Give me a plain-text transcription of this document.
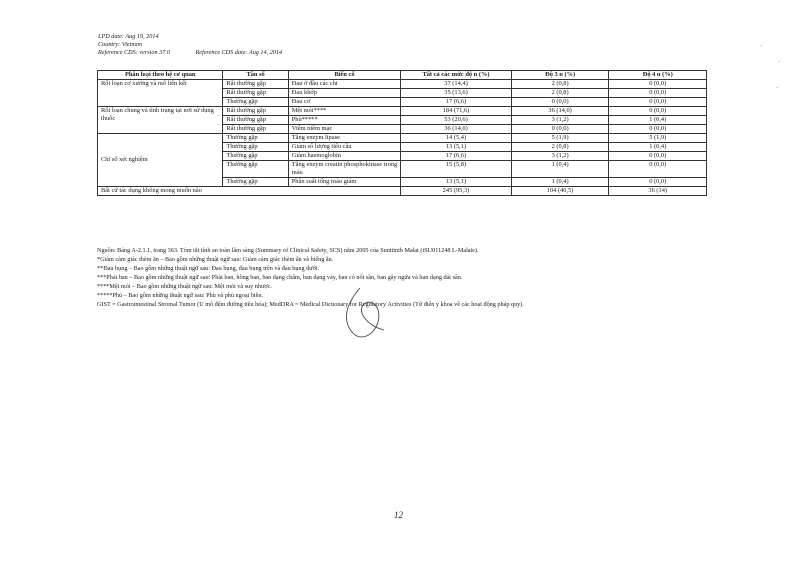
LPD date: Aug 19, 2014
Country: Vietnam
Reference CDS: version 37.0	Reference CDS date: Aug 14, 2014
·
·
·
Phân loại theo hệ cơ quan	Tần số	Biến cố	Tất cả các mức độ n (%)	Độ 3 n (%)	Độ 4 n (%)
Rối loạn cơ xương và mô liên kết	Rất thường gặp	Đau ở đầu các chi	37 (14,4)	2 (0,8)	0 (0,0)
	Rất thường gặp	Đau khớp	35 (13,6)	2 (0,8)	0 (0,0)
	Thường gặp	Đau cơ	17 (6,6)	0 (0,0)	0 (0,0)
Rối loạn chung và tình trạng tại nơi sử dụng thuốc	Rất thường gặp	Mệt mỏi****	184 (71,6)	36 (14,0)	0 (0,0)
	Rất thường gặp	Phù*****	53 (20,6)	3 (1,2)	1 (0,4)
	Rất thường gặp	Viêm niêm mạc	36 (14,0)	0 (0,0)	0 (0,0)
Chỉ số xét nghiệm	Thường gặp	Tăng enzym lipase	14 (5,4)	5 (1,9)	5 (1,9)
	Thường gặp	Giảm số lượng tiểu cầu	13 (5,1)	2 (0,8)	1 (0,4)
	Thường gặp	Giảm haemoglobin	17 (6,6)	3 (1,2)	0 (0,0)
	Thường gặp	Tăng enzym creatin phosphokinase trong máu	15 (5,8)	1 (0,4)	0 (0,0)
	Thường gặp	Phân suất tống máu giảm	13 (5,1)	1 (0,4)	0 (0,0)
Bất cứ tác dụng không mong muốn nào			245 (95,3)	104 (40,5)	36 (14)
Nguồn: Bảng A-2.1.1, trang 363. Tóm tắt tính an toàn lâm sàng (Summary of Clinical Safety, SCS) năm 2005 của Sunitinib Malat (tSU011248 L-Malate).
*Giảm cảm giác thèm ăn – Bao gồm những thuật ngữ sau: Giảm cảm giác thèm ăn và biếng ăn.
**Đau bụng – Bao gồm những thuật ngữ sau: Đau bụng, đau bụng trên và đau bụng dưới.
***Phát ban – Bao gồm những thuật ngữ sau: Phát ban, hồng ban, ban dạng chấm, ban dạng vảy, ban có nốt sần, ban gây ngứa và ban dạng dát sần.
****Mệt mỏi – Bao gồm những thuật ngữ sau: Mệt mỏi và suy nhược.
*****Phù – Bao gồm những thuật ngữ sau: Phù và phù ngoại biên.
GIST = Gastrointestinal Stromal Tumor (U mô đệm đường tiêu hóa); MedDRA = Medical Dictionary for Regulatory Activities (Từ điển y khoa về các hoạt động pháp quy).
12
